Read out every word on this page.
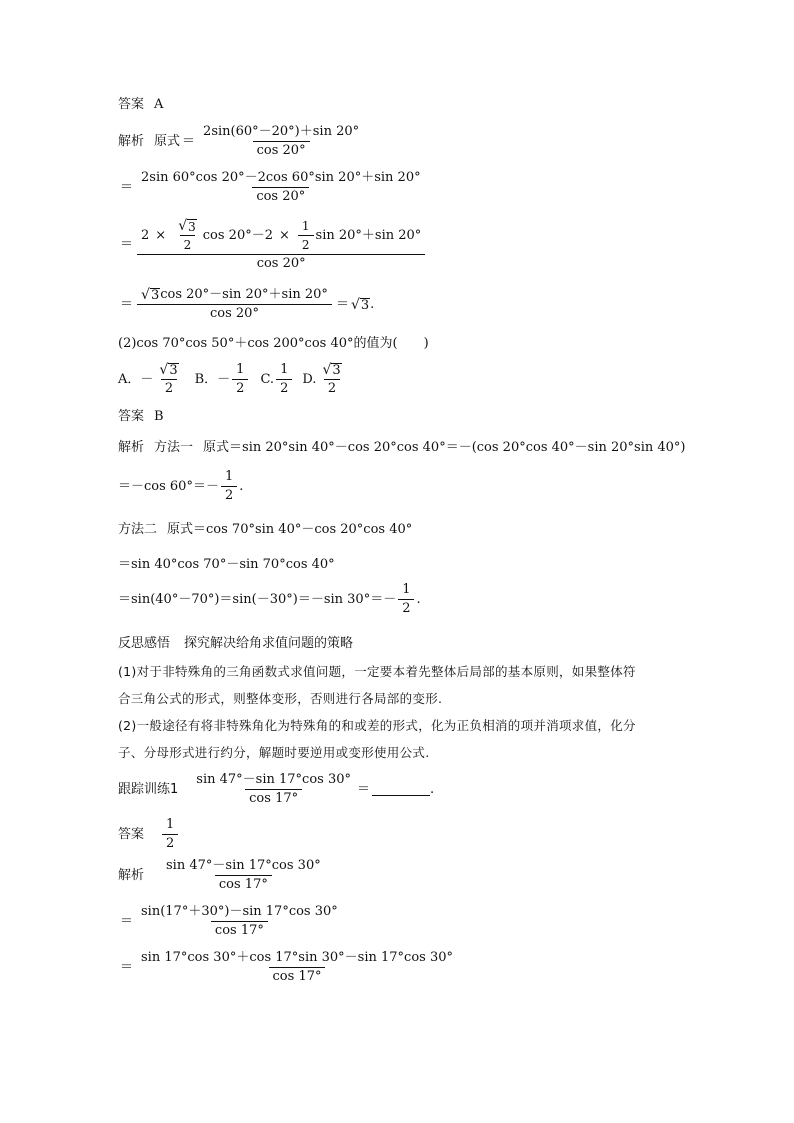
答案 A
解析 原式 ＝ $\frac{2\sin(60^\circ-20^\circ)+\sin 20^\circ}{\cos 20^\circ}$
＝ $\frac{2\sin 60^\circ\cos 20^\circ-2\cos 60^\circ\sin 20^\circ+\sin 20^\circ}{\cos 20^\circ}$
＝
$2 \times \frac{√ 3}{2}$ $\cos 20^\circ-2 \times \frac{1}{2}$ sin 20°＋sin 20°
cos 20°
＝ $\frac{√ 3 \cos 20^\circ-\sin 20^\circ+\sin 20^\circ}{\cos 20^\circ}$ ＝ √ 3 .
(2)cos 70°cos 50°＋cos 200°cos 40°的值为(　　)
A．－ $\frac{√ 3}{2}$ B．－ $\frac{1}{2} C$. $\frac{1}{2} D$. $\frac{√ 3}{2}$
答案 B
解析 方法一 原式＝sin 20°sin 40°－cos 20°cos 40°＝－(cos 20°cos 40°－sin 20°sin 40°)
＝－cos $60^\circ=- \frac{1}{2}$ .
方法二 原式＝cos 70°sin 40°－cos 20°cos 40°
＝sin 40°cos 70°－sin 70°cos 40°
＝sin(40°－70°)＝sin(－30°)＝－sin $30^\circ=- \frac{1}{2}$ .
反思感悟 探究解决给角求值问题的策略
(1)对于非特殊角的三角函数式求值问题，一定要本着先整体后局部的基本原则，如果整体符
合三角公式的形式，则整体变形，否则进行各局部的变形.
(2)一般途径有将非特殊角化为特殊角的和或差的形式，化为正负相消的项并消项求值，化分
子、分母形式进行约分，解题时要逆用或变形使用公式.
跟踪训练$1 \frac{\sin 47^\circ-\sin 17^\circ\cos 30^\circ}{\cos 17^\circ}$ ＝	.
答案 $\frac{1}{2}$
解析 $\frac{\sin 47^\circ-\sin 17^\circ\cos 30^\circ}{\cos 17^\circ}$
＝ $\frac{\sin(17^\circ+30^\circ)-\sin 17^\circ\cos 30^\circ}{\cos 17^\circ}$
＝ $\frac{\sin 17^\circ\cos 30^\circ+\cos 17^\circ\sin 30^\circ-\sin 17^\circ\cos 30^\circ}{\cos 17^\circ}$
